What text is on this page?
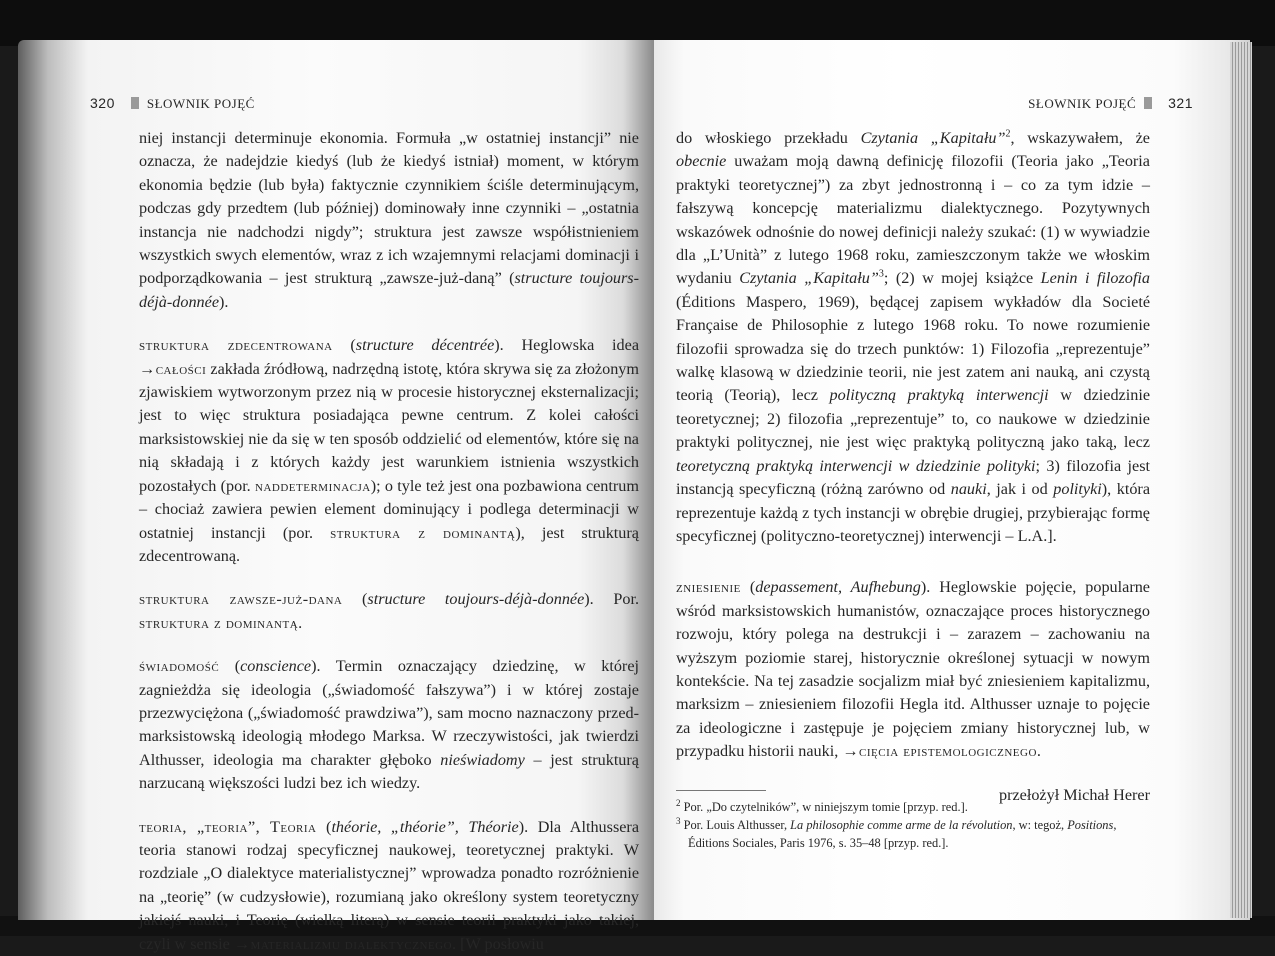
320 SŁOWNIK POJĘĆ

niej instancji determinuje ekonomia. Formuła „w ostatniej instancji” nie oznacza, że nadejdzie kiedyś (lub że kiedyś istniał) moment, w którym ekonomia będzie (lub była) faktycznie czynnikiem ściśle determinującym, podczas gdy przedtem (lub później) dominowały inne czynniki – „ostatnia instancja nie nadchodzi nigdy”; struktura jest zawsze współistnieniem wszystkich swych elementów, wraz z ich wzajemnymi relacjami dominacji i podporządkowania – jest strukturą „zawsze-już-daną” (structure toujours-déjà-donnée).

struktura zdecentrowana (structure décentrée). Heglowska idea →całości zakłada źródłową, nadrzędną istotę, która skrywa się za złożonym zjawiskiem wytworzonym przez nią w procesie historycznej eksternalizacji; jest to więc struktura posiadająca pewne centrum. Z kolei całości marksistowskiej nie da się w ten sposób oddzielić od elementów, które się na nią składają i z których każdy jest warunkiem istnienia wszystkich pozostałych (por. naddeterminacja); o tyle też jest ona pozbawiona centrum – chociaż zawiera pewien element dominujący i podlega determinacji w ostatniej instancji (por. struktura z dominantą), jest strukturą zdecentrowaną.

struktura zawsze-już-dana (structure toujours-déjà-donnée). Por. struktura z dominantą.

świadomość (conscience). Termin oznaczający dziedzinę, w której zagnieżdża się ideologia („świadomość fałszywa”) i w której zostaje przezwyciężona („świadomość prawdziwa”), sam mocno naznaczony przed-marksistowską ideologią młodego Marksa. W rzeczywistości, jak twierdzi Althusser, ideologia ma charakter głęboko nieświadomy – jest strukturą narzucaną większości ludzi bez ich wiedzy.

teoria, „teoria”, Teoria (théorie, „théorie”, Théorie). Dla Althussera teoria stanowi rodzaj specyficznej naukowej, teoretycznej praktyki. W rozdziale „O dialektyce materialistycznej” wprowadza ponadto rozróżnienie na „teorię” (w cudzysłowie), rozumianą jako określony system teoretyczny jakiejś nauki, i Teorię (wielką literą) w sensie teorii praktyki jako takiej, czyli w sensie →materializmu dialektycznego. [W posłowiu

SŁOWNIK POJĘĆ 321

do włoskiego przekładu Czytania „Kapitału”$^2$, wskazywałem, że obecnie uważam moją dawną definicję filozofii (Teoria jako „Teoria praktyki teoretycznej”) za zbyt jednostronną i – co za tym idzie – fałszywą koncepcję materializmu dialektycznego. Pozytywnych wskazówek odnośnie do nowej definicji należy szukać: (1) w wywiadzie dla „L’Unità” z lutego 1968 roku, zamieszczonym także we włoskim wydaniu Czytania „Kapitału”$^3$; (2) w mojej książce Lenin i filozofia (Éditions Maspero, 1969), będącej zapisem wykładów dla Societé Française de Philosophie z lutego 1968 roku. To nowe rozumienie filozofii sprowadza się do trzech punktów: 1) Filozofia „reprezentuje” walkę klasową w dziedzinie teorii, nie jest zatem ani nauką, ani czystą teorią (Teorią), lecz polityczną praktyką interwencji w dziedzinie teoretycznej; 2) filozofia „reprezentuje” to, co naukowe w dziedzinie praktyki politycznej, nie jest więc praktyką polityczną jako taką, lecz teoretyczną praktyką interwencji w dziedzinie polityki; 3) filozofia jest instancją specyficzną (różną zarówno od nauki, jak i od polityki), która reprezentuje każdą z tych instancji w obrębie drugiej, przybierając formę specyficznej (polityczno-teoretycznej) interwencji – L.A.].

zniesienie (depassement, Aufhebung). Heglowskie pojęcie, popularne wśród marksistowskich humanistów, oznaczające proces historycznego rozwoju, który polega na destrukcji i – zarazem – zachowaniu na wyższym poziomie starej, historycznie określonej sytuacji w nowym kontekście. Na tej zasadzie socjalizm miał być zniesieniem kapitalizmu, marksizm – zniesieniem filozofii Hegla itd. Althusser uznaje to pojęcie za ideologiczne i zastępuje je pojęciem zmiany historycznej lub, w przypadku historii nauki, →cięcia epistemologicznego.

przełożył Michał Herer

$^2$ Por. „Do czytelników”, w niniejszym tomie [przyp. red.].

$^3$ Por. Louis Althusser, La philosophie comme arme de la révolution, w: tegoż, Positions, Éditions Sociales, Paris 1976, s. 35–48 [przyp. red.].
